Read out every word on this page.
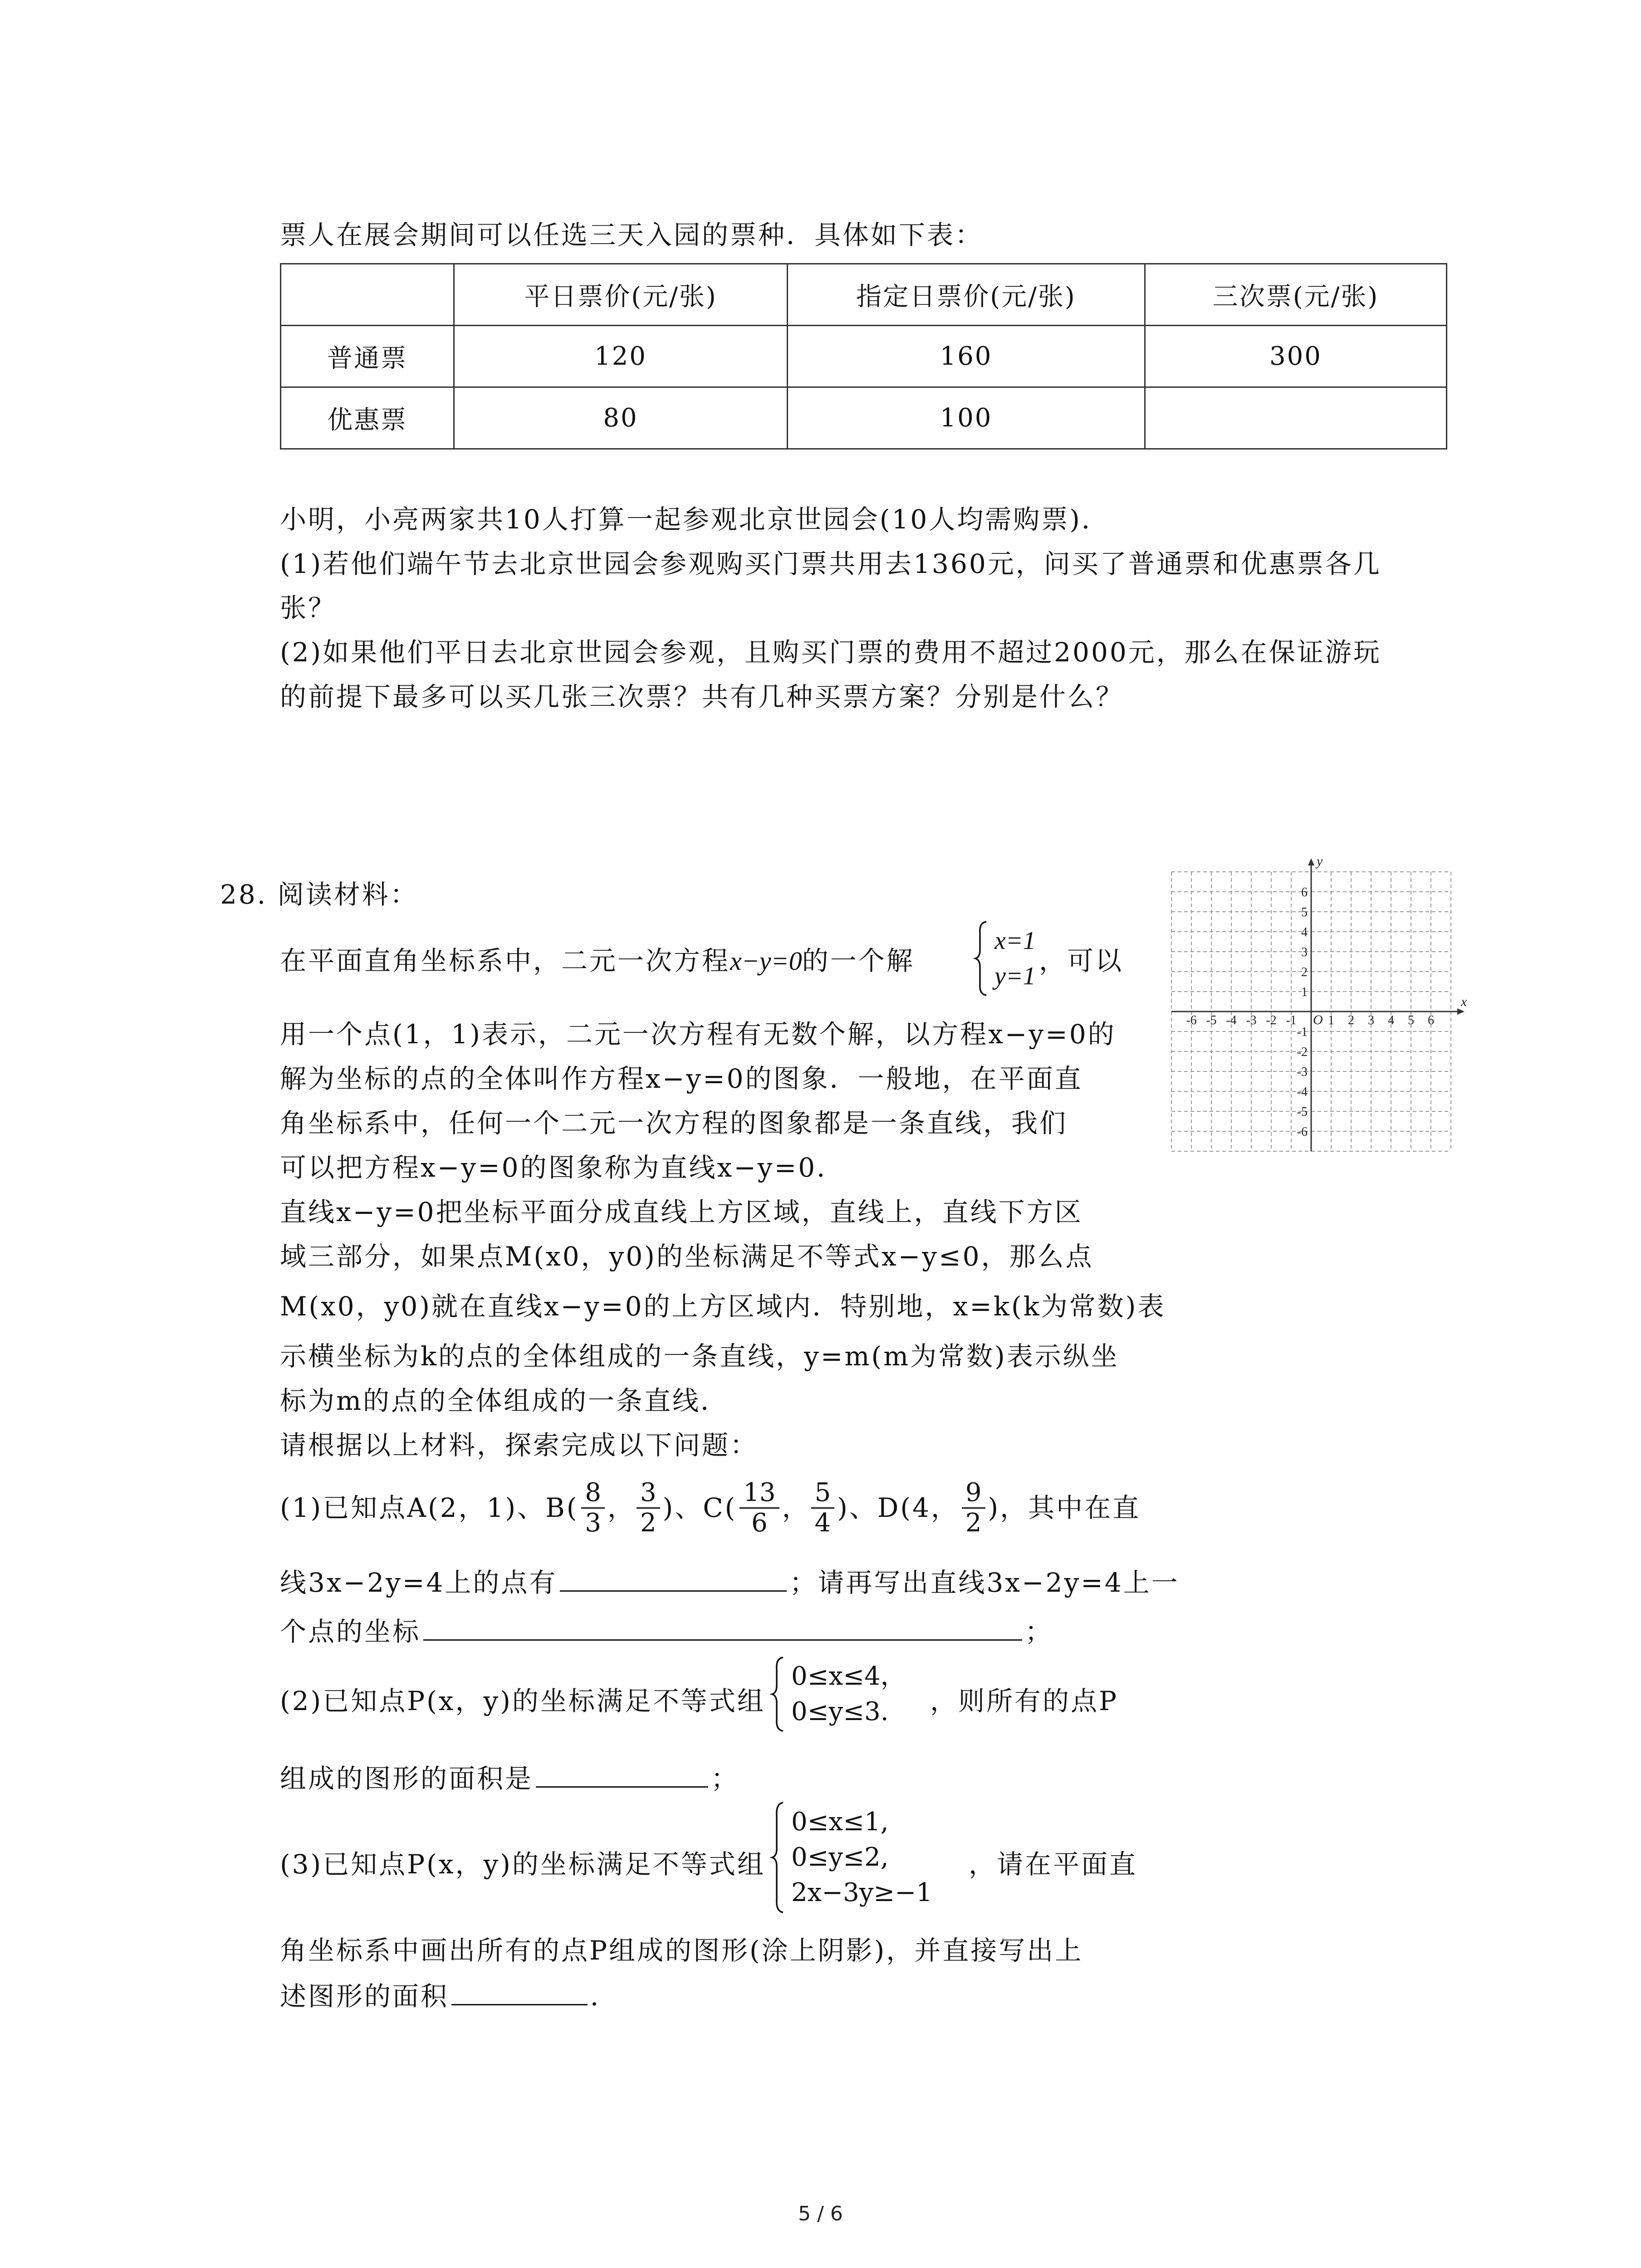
票人在展会期间可以任选三天入园的票种．具体如下表：
	平日票价(元/张)	指定日票价(元/张)	三次票(元/张)
普通票	120	160	300
优惠票	80	100	
小明，小亮两家共10人打算一起参观北京世园会(10人均需购票)．
(1)若他们端午节去北京世园会参观购买门票共用去1360元，问买了普通票和优惠票各几
张？
(2)如果他们平日去北京世园会参观，且购买门票的费用不超过2000元，那么在保证游玩
的前提下最多可以买几张三次票？共有几种买票方案？分别是什么？
28. 阅读材料：
在平面直角坐标系中，二元一次方程x−y=0的一个解
x=1
y=1 ，可以
用一个点(1，1)表示，二元一次方程有无数个解，以方程x−y=0的
解为坐标的点的全体叫作方程x−y=0的图象．一般地，在平面直
角坐标系中，任何一个二元一次方程的图象都是一条直线，我们
可以把方程x−y=0的图象称为直线x−y=0．
直线x−y=0把坐标平面分成直线上方区域，直线上，直线下方区
域三部分，如果点M(x0，y0)的坐标满足不等式x−y≤0，那么点
M(x0，y0)就在直线x−y=0的上方区域内．特别地，x=k(k为常数)表
示横坐标为k的点的全体组成的一条直线，y=m(m为常数)表示纵坐
标为m的点的全体组成的一条直线．
请根据以上材料，探索完成以下问题：
(1)已知点A(2，1)、$B( \frac{8}{3}$ ， $\frac{3}{2}$ )、$C( \frac{13}{6}$ ， $\frac{5}{4}$ )、D(4， $\frac{9}{2}$ )，其中在直
线3x−2y=4上的点有	；请再写出直线3x−2y=4上一
个点的坐标	；
(2)已知点P(x，y)的坐标满足不等式组
0≤x≤4，
0≤y≤3.	，则所有的点P
组成的图形的面积是	；
(3)已知点P(x，y)的坐标满足不等式组
0≤x≤1,
0≤y≤2,
2x−3y≥−1
，请在平面直
角坐标系中画出所有的点P组成的图形(涂上阴影)，并直接写出上
述图形的面积	．
x
y
O
-6 -5 -4 -3 -2 -1 1 2 3 4 5 6
6
5
4
3
2
1
-1
-2
-3
-4
-5
-6
5 / 6
